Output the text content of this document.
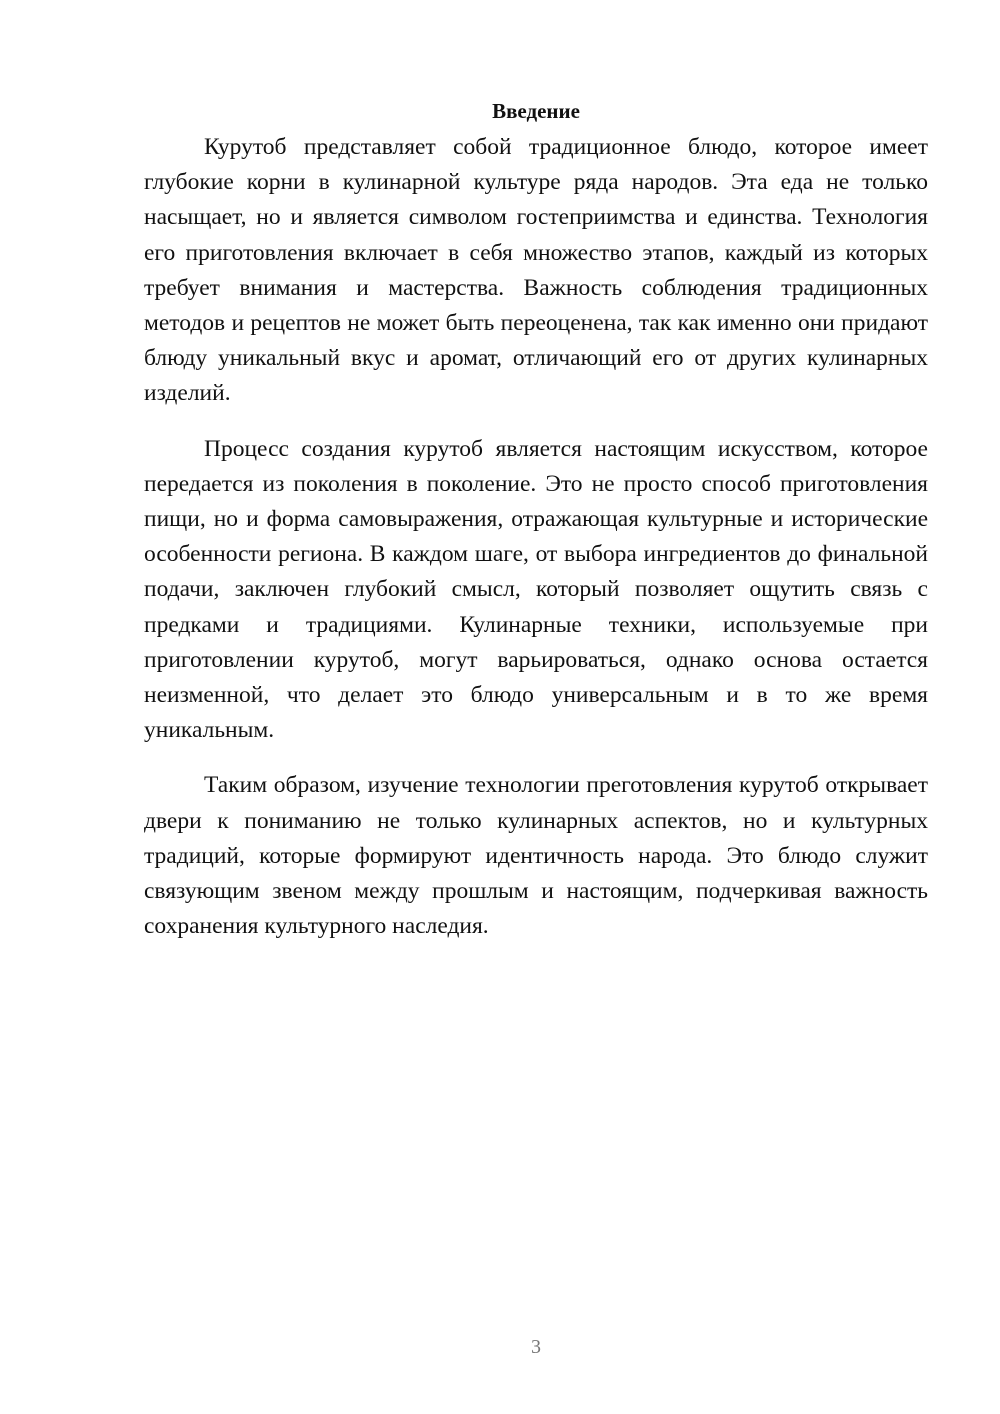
Введение

Курутоб представляет собой традиционное блюдо, которое имеет глубокие корни в кулинарной культуре ряда народов. Эта еда не только насыщает, но и является символом гостеприимства и единства. Технология его приготовления включает в себя множество этапов, каждый из которых требует внимания и мастерства. Важность соблюдения традиционных методов и рецептов не может быть переоценена, так как именно они придают блюду уникальный вкус и аромат, отличающий его от других кулинарных изделий.

Процесс создания курутоб является настоящим искусством, которое передается из поколения в поколение. Это не просто способ приготовления пищи, но и форма самовыражения, отражающая культурные и исторические особенности региона. В каждом шаге, от выбора ингредиентов до финальной подачи, заключен глубокий смысл, который позволяет ощутить связь с предками и традициями. Кулинарные техники, используемые при приготовлении курутоб, могут варьироваться, однако основа остается неизменной, что делает это блюдо универсальным и в то же время уникальным.

Таким образом, изучение технологии преготовления курутоб открывает двери к пониманию не только кулинарных аспектов, но и культурных традиций, которые формируют идентичность народа. Это блюдо служит связующим звеном между прошлым и настоящим, подчеркивая важность сохранения культурного наследия.

3
